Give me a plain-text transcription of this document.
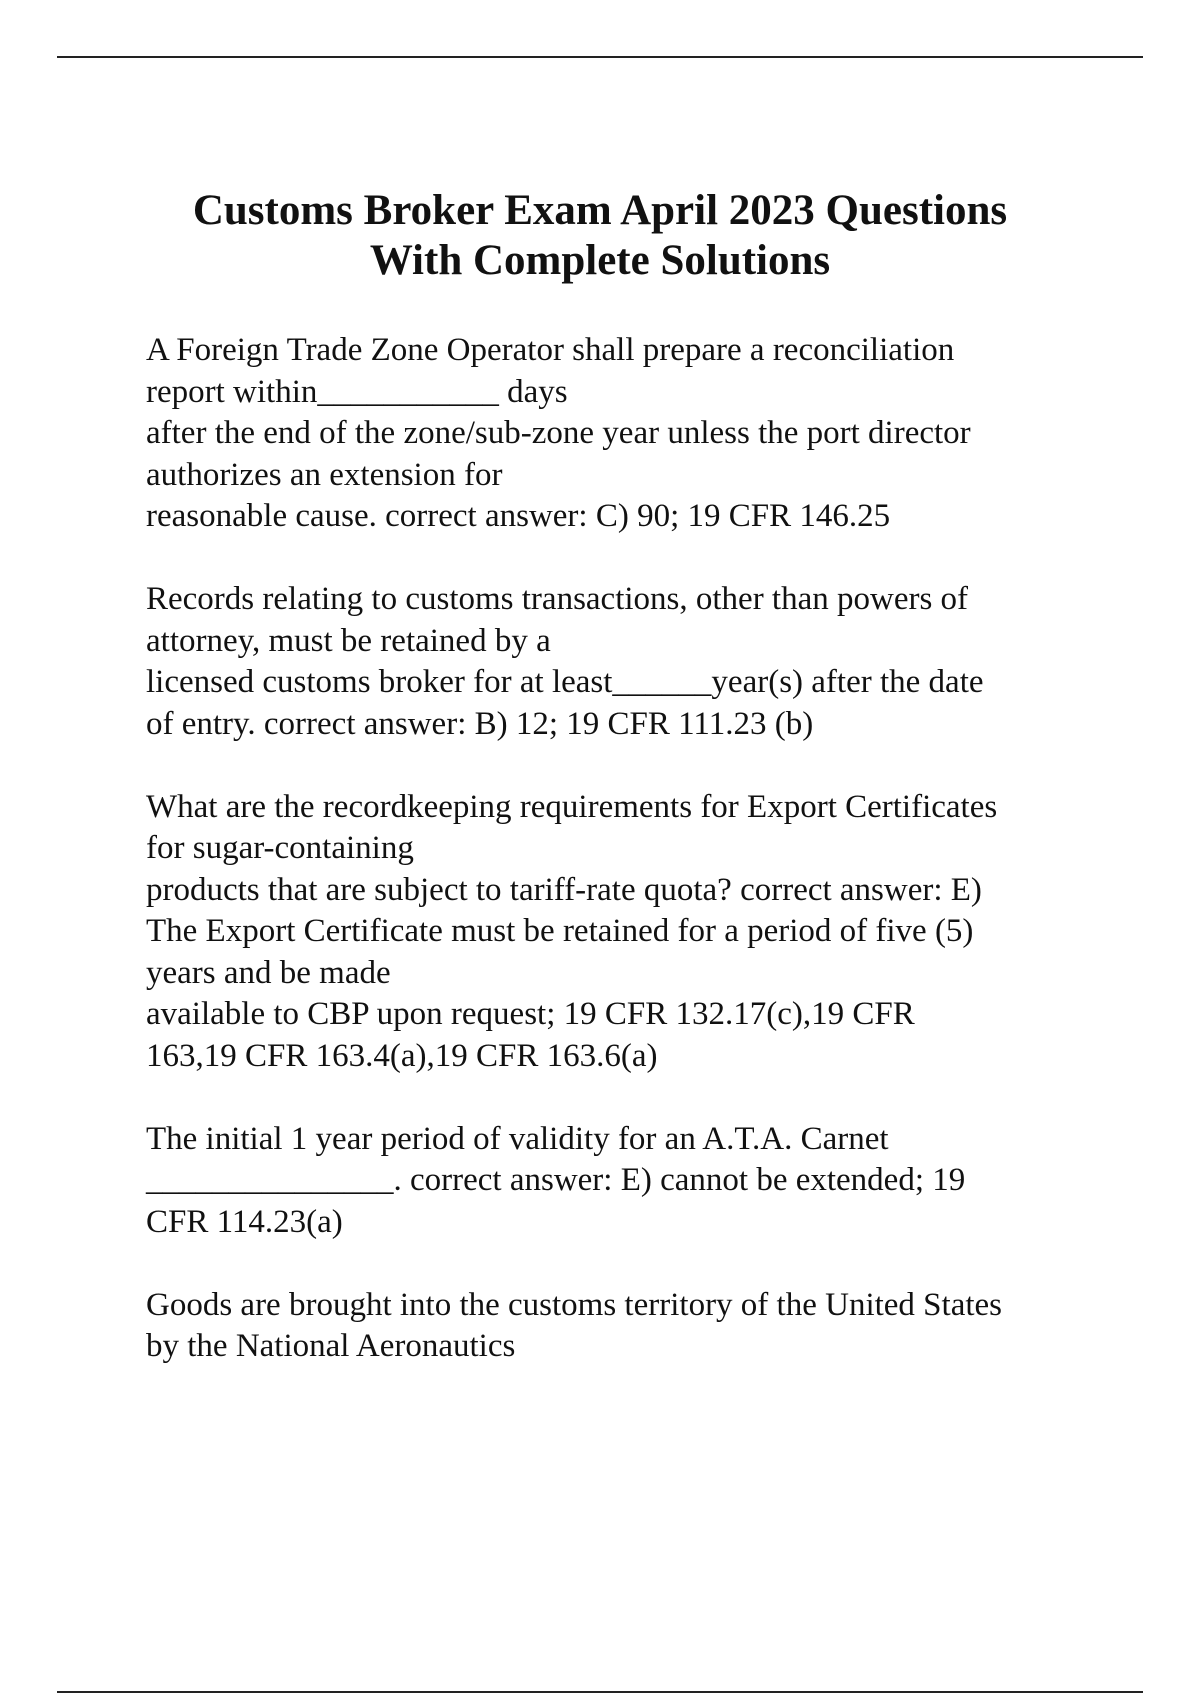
Customs Broker Exam April 2023 Questions
With Complete Solutions

A Foreign Trade Zone Operator shall prepare a reconciliation
report within___________ days
after the end of the zone/sub-zone year unless the port director
authorizes an extension for
reasonable cause. correct answer: C) 90; 19 CFR 146.25

Records relating to customs transactions, other than powers of
attorney, must be retained by a
licensed customs broker for at least______year(s) after the date
of entry. correct answer: B) 12; 19 CFR 111.23 (b)

What are the recordkeeping requirements for Export Certificates
for sugar-containing
products that are subject to tariff-rate quota? correct answer: E)
The Export Certificate must be retained for a period of five (5)
years and be made
available to CBP upon request; 19 CFR 132.17(c),19 CFR
163,19 CFR 163.4(a),19 CFR 163.6(a)

The initial 1 year period of validity for an A.T.A. Carnet
_______________. correct answer: E) cannot be extended; 19
CFR 114.23(a)

Goods are brought into the customs territory of the United States
by the National Aeronautics
